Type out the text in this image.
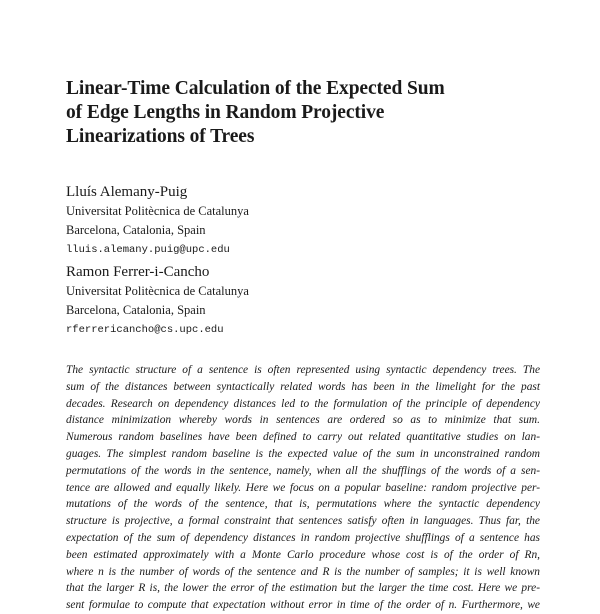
Linear-Time Calculation of the Expected Sum
of Edge Lengths in Random Projective
Linearizations of Trees
Lluís Alemany-Puig
Universitat Politècnica de Catalunya
Barcelona, Catalonia, Spain
lluis.alemany.puig@upc.edu
Ramon Ferrer-i-Cancho
Universitat Politècnica de Catalunya
Barcelona, Catalonia, Spain
rferrericancho@cs.upc.edu
The syntactic structure of a sentence is often represented using syntactic dependency trees. The
sum of the distances between syntactically related words has been in the limelight for the past
decades. Research on dependency distances led to the formulation of the principle of dependency
distance minimization whereby words in sentences are ordered so as to minimize that sum.
Numerous random baselines have been defined to carry out related quantitative studies on lan-
guages. The simplest random baseline is the expected value of the sum in unconstrained random
permutations of the words in the sentence, namely, when all the shufflings of the words of a sen-
tence are allowed and equally likely. Here we focus on a popular baseline: random projective per-
mutations of the words of the sentence, that is, permutations where the syntactic dependency
structure is projective, a formal constraint that sentences satisfy often in languages. Thus far, the
expectation of the sum of dependency distances in random projective shufflings of a sentence has
been estimated approximately with a Monte Carlo procedure whose cost is of the order of Rn,
where n is the number of words of the sentence and R is the number of samples; it is well known
that the larger R is, the lower the error of the estimation but the larger the time cost. Here we pre-
sent formulae to compute that expectation without error in time of the order of n. Furthermore, we
